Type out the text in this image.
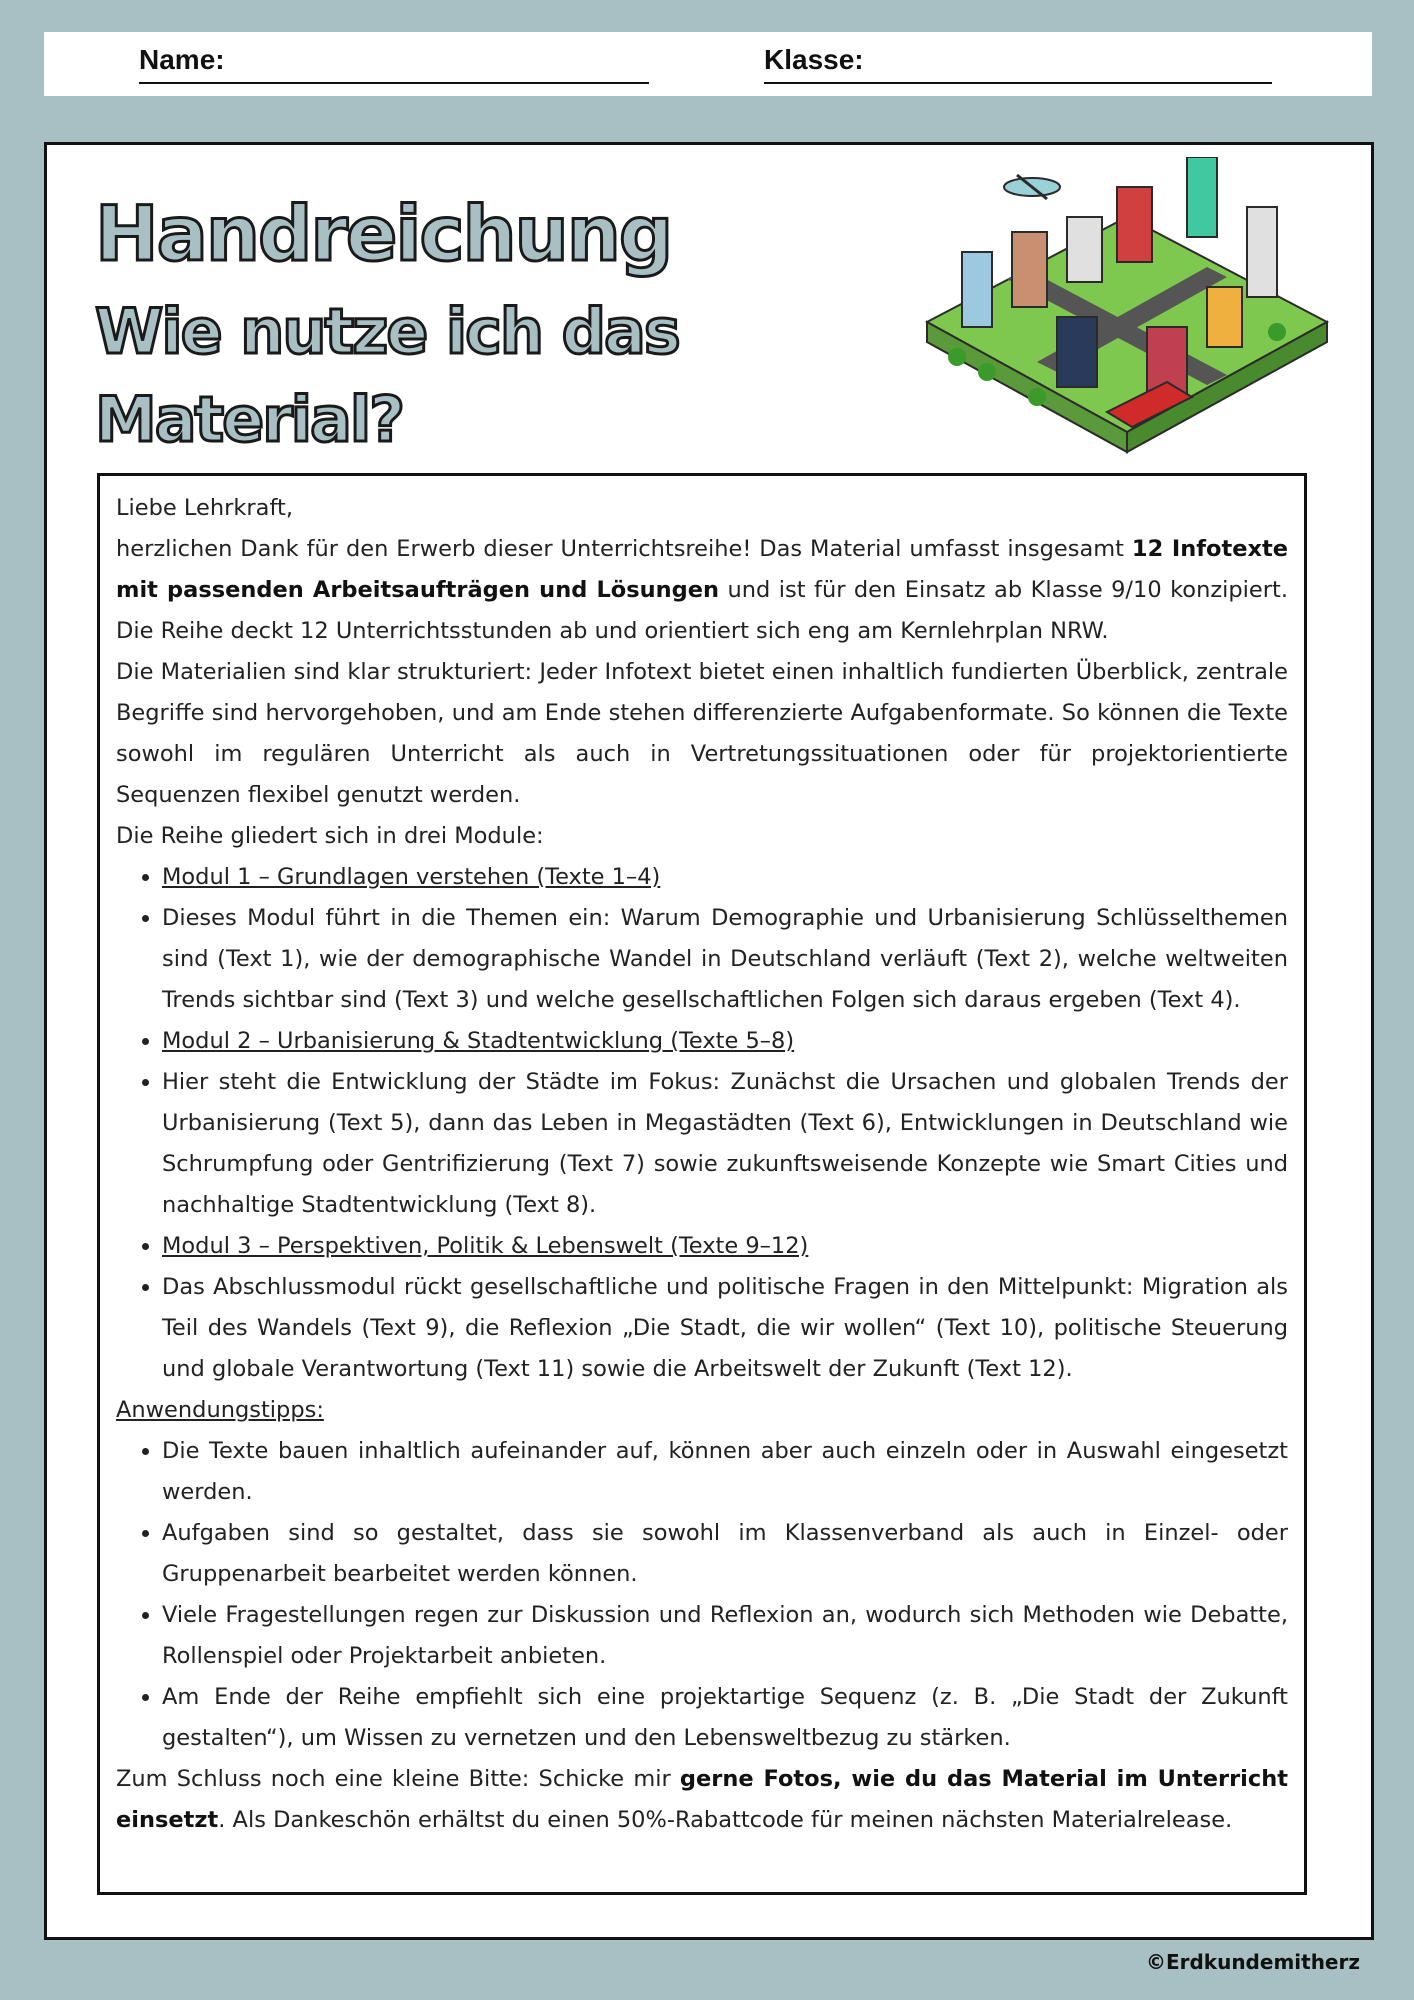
Name:	Klasse:
Handreichung
Wie nutze ich das
Material?

Liebe Lehrkraft,

herzlichen Dank für den Erwerb dieser Unterrichtsreihe! Das Material umfasst insgesamt 12 Infotexte mit passenden Arbeitsaufträgen und Lösungen und ist für den Einsatz ab Klasse 9/10 konzipiert. Die Reihe deckt 12 Unterrichtsstunden ab und orientiert sich eng am Kernlehrplan NRW.

Die Materialien sind klar strukturiert: Jeder Infotext bietet einen inhaltlich fundierten Überblick, zentrale Begriffe sind hervorgehoben, und am Ende stehen differenzierte Aufgabenformate. So können die Texte sowohl im regulären Unterricht als auch in Vertretungssituationen oder für projektorientierte Sequenzen flexibel genutzt werden.

Die Reihe gliedert sich in drei Module:

• Modul 1 – Grundlagen verstehen (Texte 1–4)
• Dieses Modul führt in die Themen ein: Warum Demographie und Urbanisierung Schlüsselthemen sind (Text 1), wie der demographische Wandel in Deutschland verläuft (Text 2), welche weltweiten Trends sichtbar sind (Text 3) und welche gesellschaftlichen Folgen sich daraus ergeben (Text 4).
• Modul 2 – Urbanisierung & Stadtentwicklung (Texte 5–8)
• Hier steht die Entwicklung der Städte im Fokus: Zunächst die Ursachen und globalen Trends der Urbanisierung (Text 5), dann das Leben in Megastädten (Text 6), Entwicklungen in Deutschland wie Schrumpfung oder Gentrifizierung (Text 7) sowie zukunftsweisende Konzepte wie Smart Cities und nachhaltige Stadtentwicklung (Text 8).
• Modul 3 – Perspektiven, Politik & Lebenswelt (Texte 9–12)
• Das Abschlussmodul rückt gesellschaftliche und politische Fragen in den Mittelpunkt: Migration als Teil des Wandels (Text 9), die Reflexion „Die Stadt, die wir wollen“ (Text 10), politische Steuerung und globale Verantwortung (Text 11) sowie die Arbeitswelt der Zukunft (Text 12).

Anwendungstipps:

• Die Texte bauen inhaltlich aufeinander auf, können aber auch einzeln oder in Auswahl eingesetzt werden.
• Aufgaben sind so gestaltet, dass sie sowohl im Klassenverband als auch in Einzel- oder Gruppenarbeit bearbeitet werden können.
• Viele Fragestellungen regen zur Diskussion und Reflexion an, wodurch sich Methoden wie Debatte, Rollenspiel oder Projektarbeit anbieten.
• Am Ende der Reihe empfiehlt sich eine projektartige Sequenz (z. B. „Die Stadt der Zukunft gestalten“), um Wissen zu vernetzen und den Lebensweltbezug zu stärken.

Zum Schluss noch eine kleine Bitte: Schicke mir gerne Fotos, wie du das Material im Unterricht einsetzt. Als Dankeschön erhältst du einen 50%-Rabattcode für meinen nächsten Materialrelease.

©Erdkundemitherz
